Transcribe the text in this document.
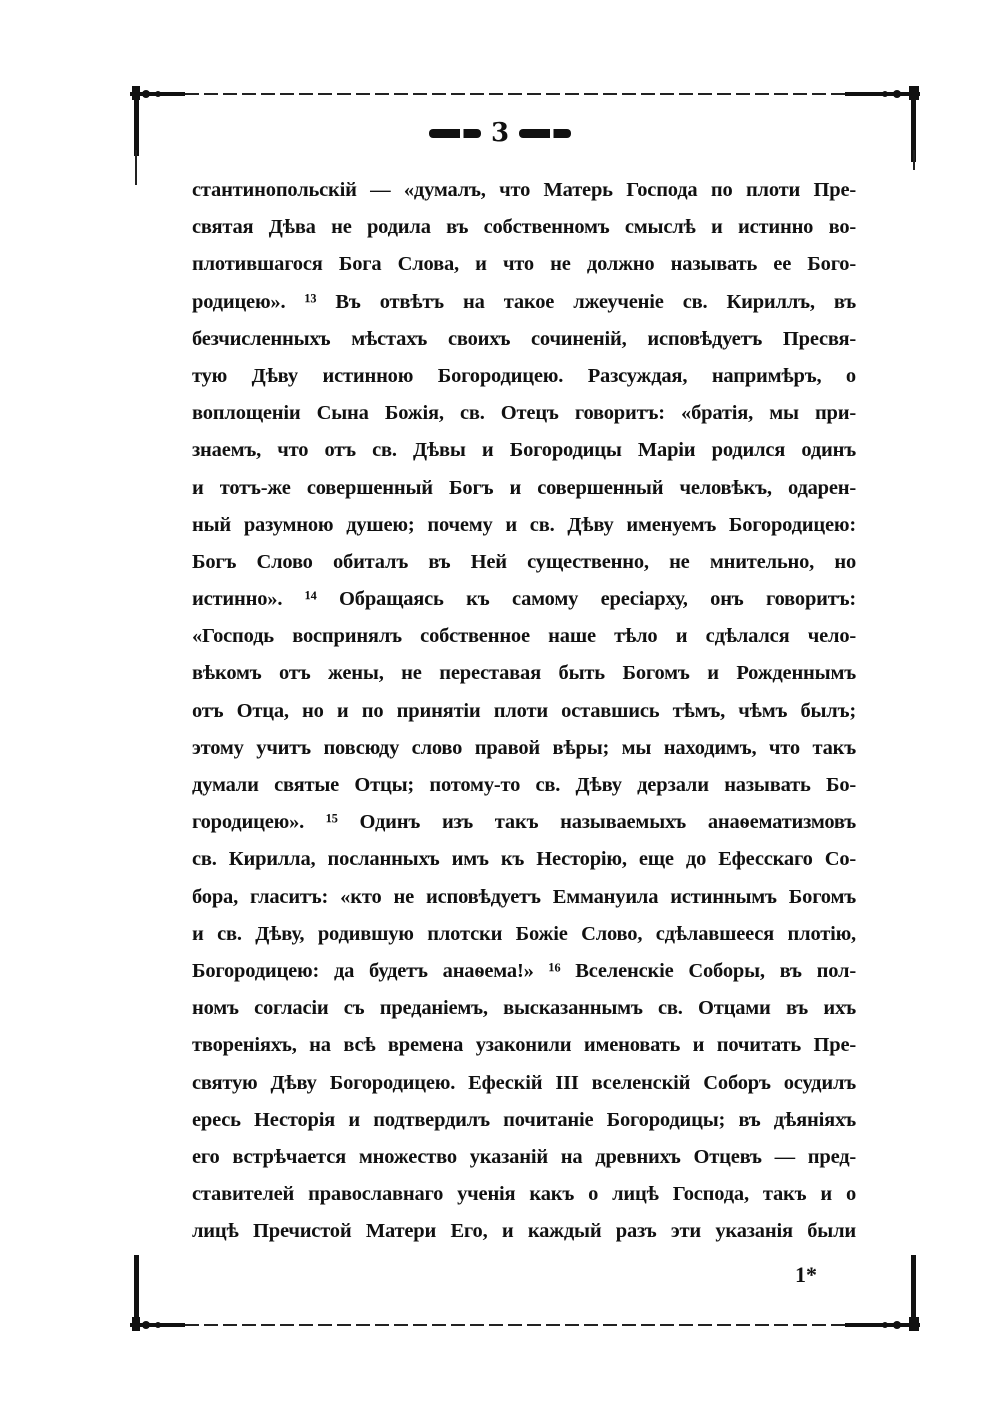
3
стантинопольскій — «думалъ, что Матерь Господа по плоти Пре-
святая Дѣва не родила въ собственномъ смыслѣ и истинно во-
плотившагося Бога Слова, и что не должно называть ее Бого-
родицею». ¹³ Въ отвѣтъ на такое лжеученіе св. Кириллъ, въ
безчисленныхъ мѣстахъ своихъ сочиненій, исповѣдуетъ Пресвя-
тую Дѣву истинною Богородицею. Разсуждая, напримѣръ, о
воплощеніи Сына Божія, св. Отецъ говоритъ: «братія, мы при-
знаемъ, что отъ св. Дѣвы и Богородицы Маріи родился одинъ
и тотъ-же совершенный Богъ и совершенный человѣкъ, одарен-
ный разумною душею; почему и св. Дѣву именуемъ Богородицею:
Богъ Слово обиталъ въ Ней существенно, не мнительно, но
истинно». ¹⁴ Обращаясь къ самому ересіарху, онъ говоритъ:
«Господь воспринялъ собственное наше тѣло и сдѣлался чело-
вѣкомъ отъ жены, не переставая быть Богомъ и Рожденнымъ
отъ Отца, но и по принятіи плоти оставшись тѣмъ, чѣмъ былъ;
этому учитъ повсюду слово правой вѣры; мы находимъ, что такъ
думали святые Отцы; потому-то св. Дѣву дерзали называть Бо-
городицею». ¹⁵ Одинъ изъ такъ называемыхъ анаѳематизмовъ
св. Кирилла, посланныхъ имъ къ Несторію, еще до Ефесскаго Со-
бора, гласитъ: «кто не исповѣдуетъ Еммануила истиннымъ Богомъ
и св. Дѣву, родившую плотски Божіе Слово, сдѣлавшееся плотію,
Богородицею: да будетъ анаѳема!» ¹⁶ Вселенскіе Соборы, въ пол-
номъ согласіи съ преданіемъ, высказаннымъ св. Отцами въ ихъ
твореніяхъ, на всѣ времена узаконили именовать и почитать Пре-
святую Дѣву Богородицею. Ефескій III вселенскій Соборъ осудилъ
ересь Несторія и подтвердилъ почитаніе Богородицы; въ дѣяніяхъ
его встрѣчается множество указаній на древнихъ Отцевъ — пред-
ставителей православнаго ученія какъ о лицѣ Господа, такъ и о
лицѣ Пречистой Матери Его, и каждый разъ эти указанія были
1*
